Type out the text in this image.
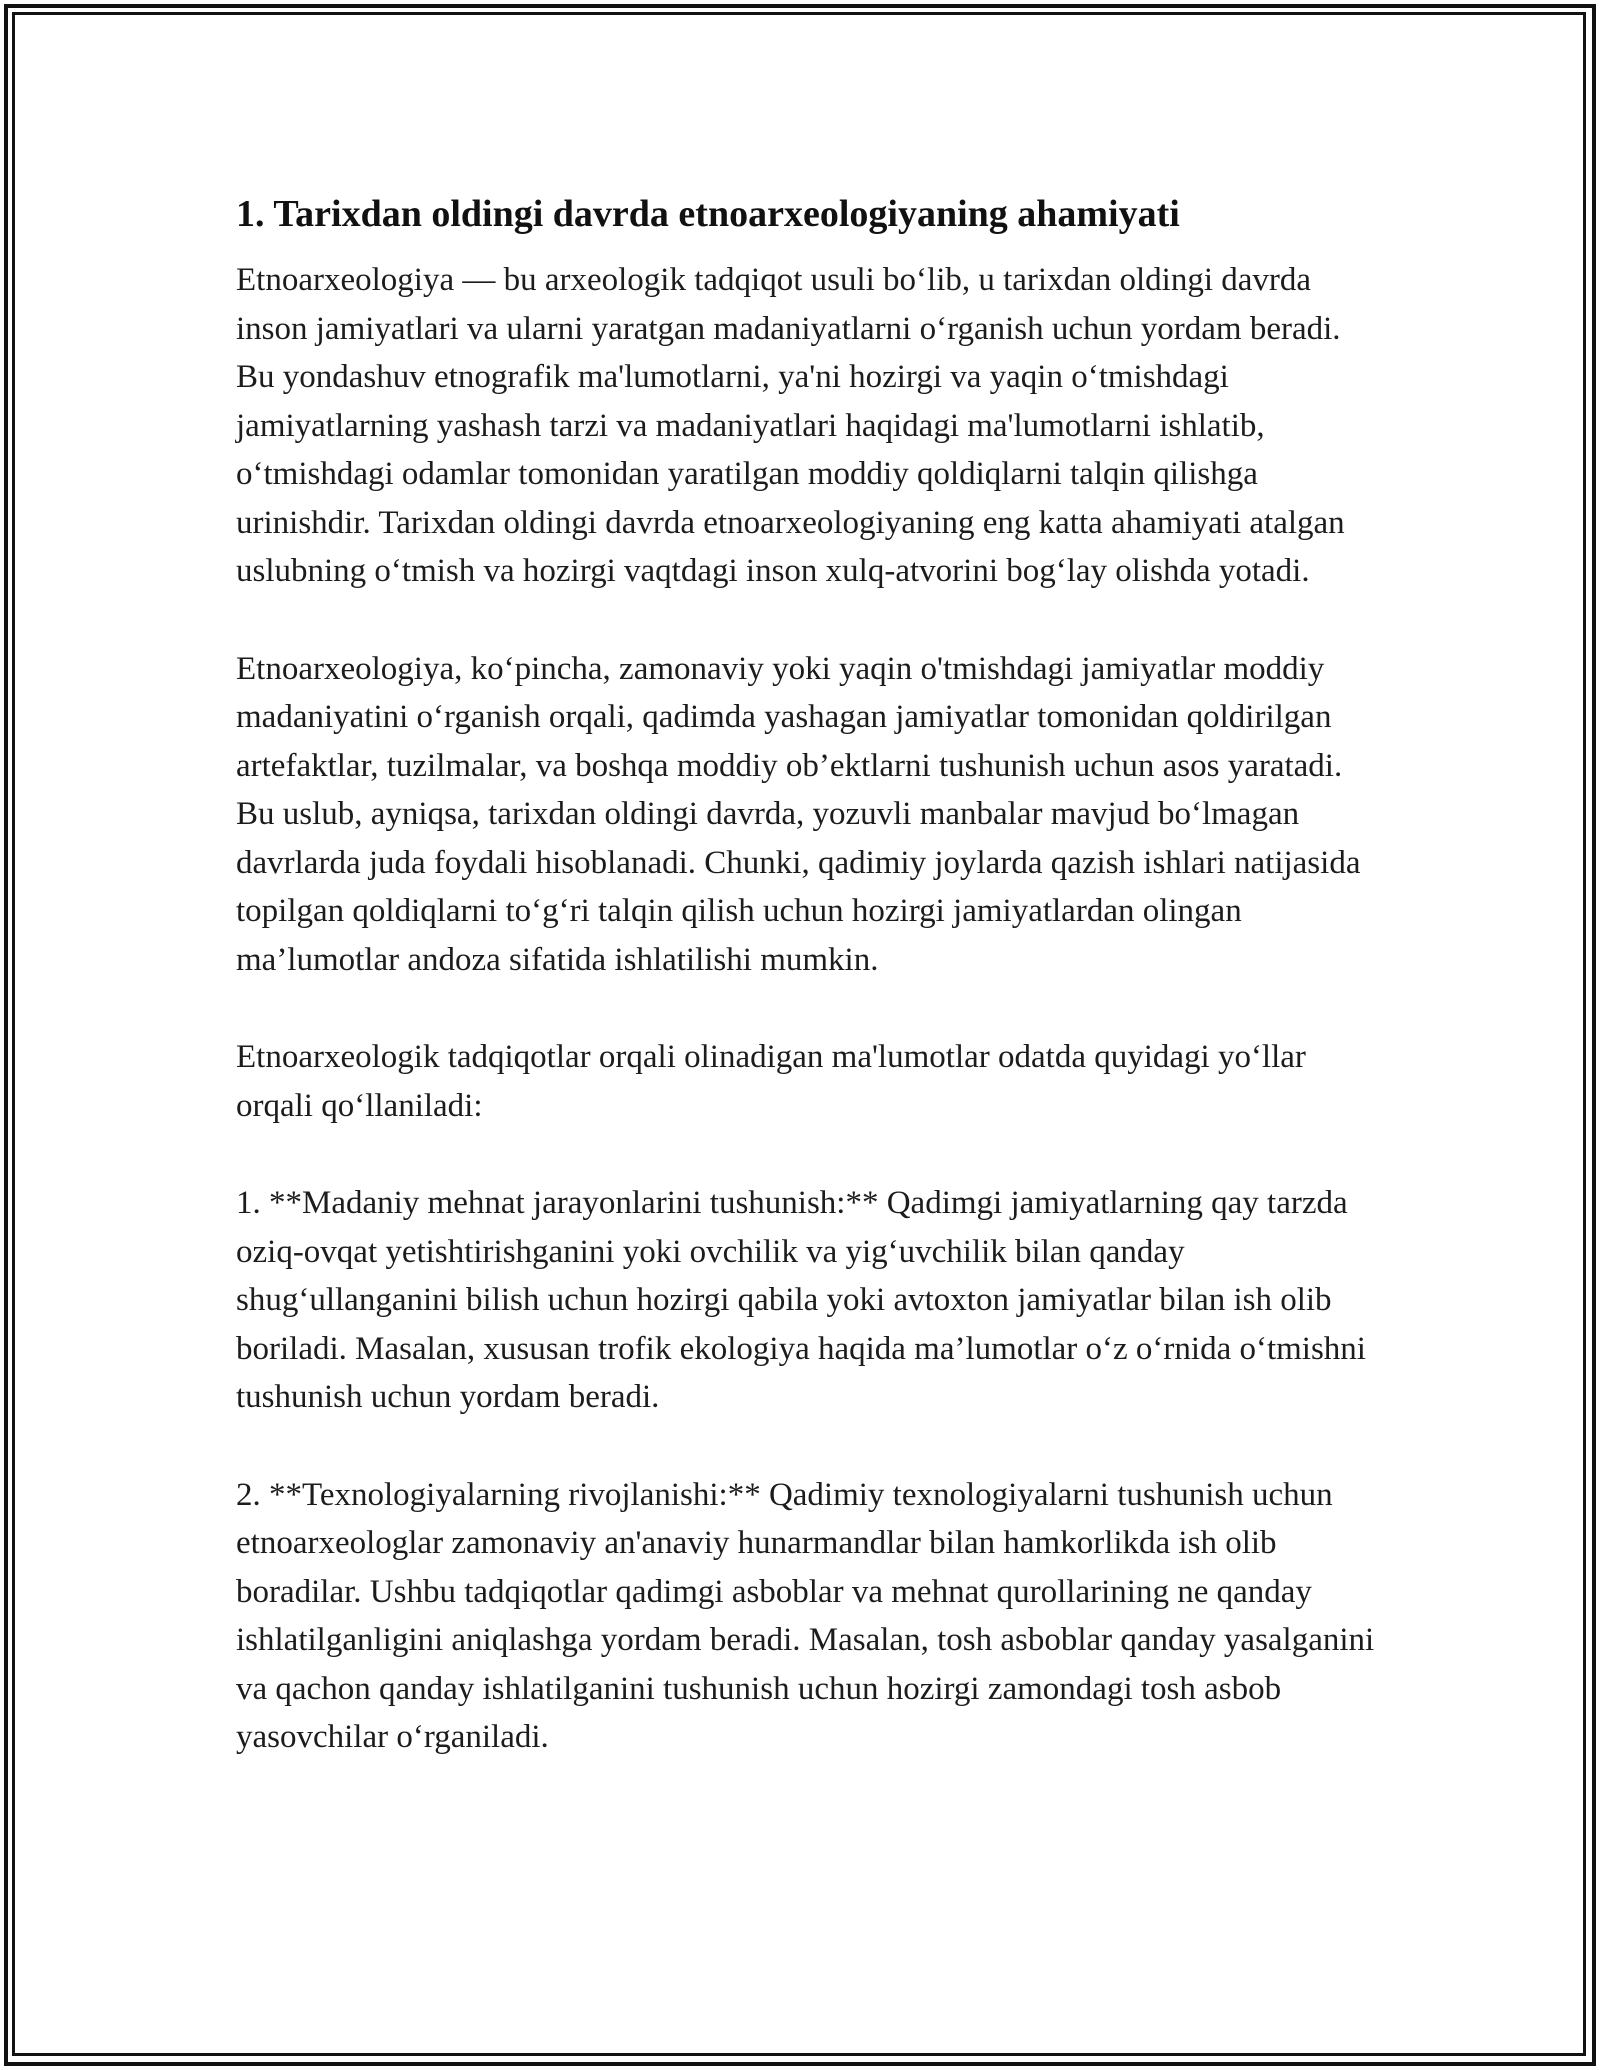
1. Tarixdan oldingi davrda etnoarxeologiyaning ahamiyati

Etnoarxeologiya — bu arxeologik tadqiqot usuli bo‘lib, u tarixdan oldingi davrda inson jamiyatlari va ularni yaratgan madaniyatlarni o‘rganish uchun yordam beradi. Bu yondashuv etnografik ma'lumotlarni, ya'ni hozirgi va yaqin o‘tmishdagi jamiyatlarning yashash tarzi va madaniyatlari haqidagi ma'lumotlarni ishlatib, o‘tmishdagi odamlar tomonidan yaratilgan moddiy qoldiqlarni talqin qilishga urinishdir. Tarixdan oldingi davrda etnoarxeologiyaning eng katta ahamiyati atalgan uslubning o‘tmish va hozirgi vaqtdagi inson xulq-atvorini bog‘lay olishda yotadi.

Etnoarxeologiya, ko‘pincha, zamonaviy yoki yaqin o'tmishdagi jamiyatlar moddiy madaniyatini o‘rganish orqali, qadimda yashagan jamiyatlar tomonidan qoldirilgan artefaktlar, tuzilmalar, va boshqa moddiy ob’ektlarni tushunish uchun asos yaratadi. Bu uslub, ayniqsa, tarixdan oldingi davrda, yozuvli manbalar mavjud bo‘lmagan davrlarda juda foydali hisoblanadi. Chunki, qadimiy joylarda qazish ishlari natijasida topilgan qoldiqlarni to‘g‘ri talqin qilish uchun hozirgi jamiyatlardan olingan ma’lumotlar andoza sifatida ishlatilishi mumkin.

Etnoarxeologik tadqiqotlar orqali olinadigan ma'lumotlar odatda quyidagi yo‘llar orqali qo‘llaniladi:

1. **Madaniy mehnat jarayonlarini tushunish:** Qadimgi jamiyatlarning qay tarzda oziq-ovqat yetishtirishganini yoki ovchilik va yig‘uvchilik bilan qanday shug‘ullanganini bilish uchun hozirgi qabila yoki avtoxton jamiyatlar bilan ish olib boriladi. Masalan, xususan trofik ekologiya haqida ma’lumotlar o‘z o‘rnida o‘tmishni tushunish uchun yordam beradi.

2. **Texnologiyalarning rivojlanishi:** Qadimiy texnologiyalarni tushunish uchun etnoarxeologlar zamonaviy an'anaviy hunarmandlar bilan hamkorlikda ish olib boradilar. Ushbu tadqiqotlar qadimgi asboblar va mehnat qurollarining ne qanday ishlatilganligini aniqlashga yordam beradi. Masalan, tosh asboblar qanday yasalganini va qachon qanday ishlatilganini tushunish uchun hozirgi zamondagi tosh asbob yasovchilar o‘rganiladi.
